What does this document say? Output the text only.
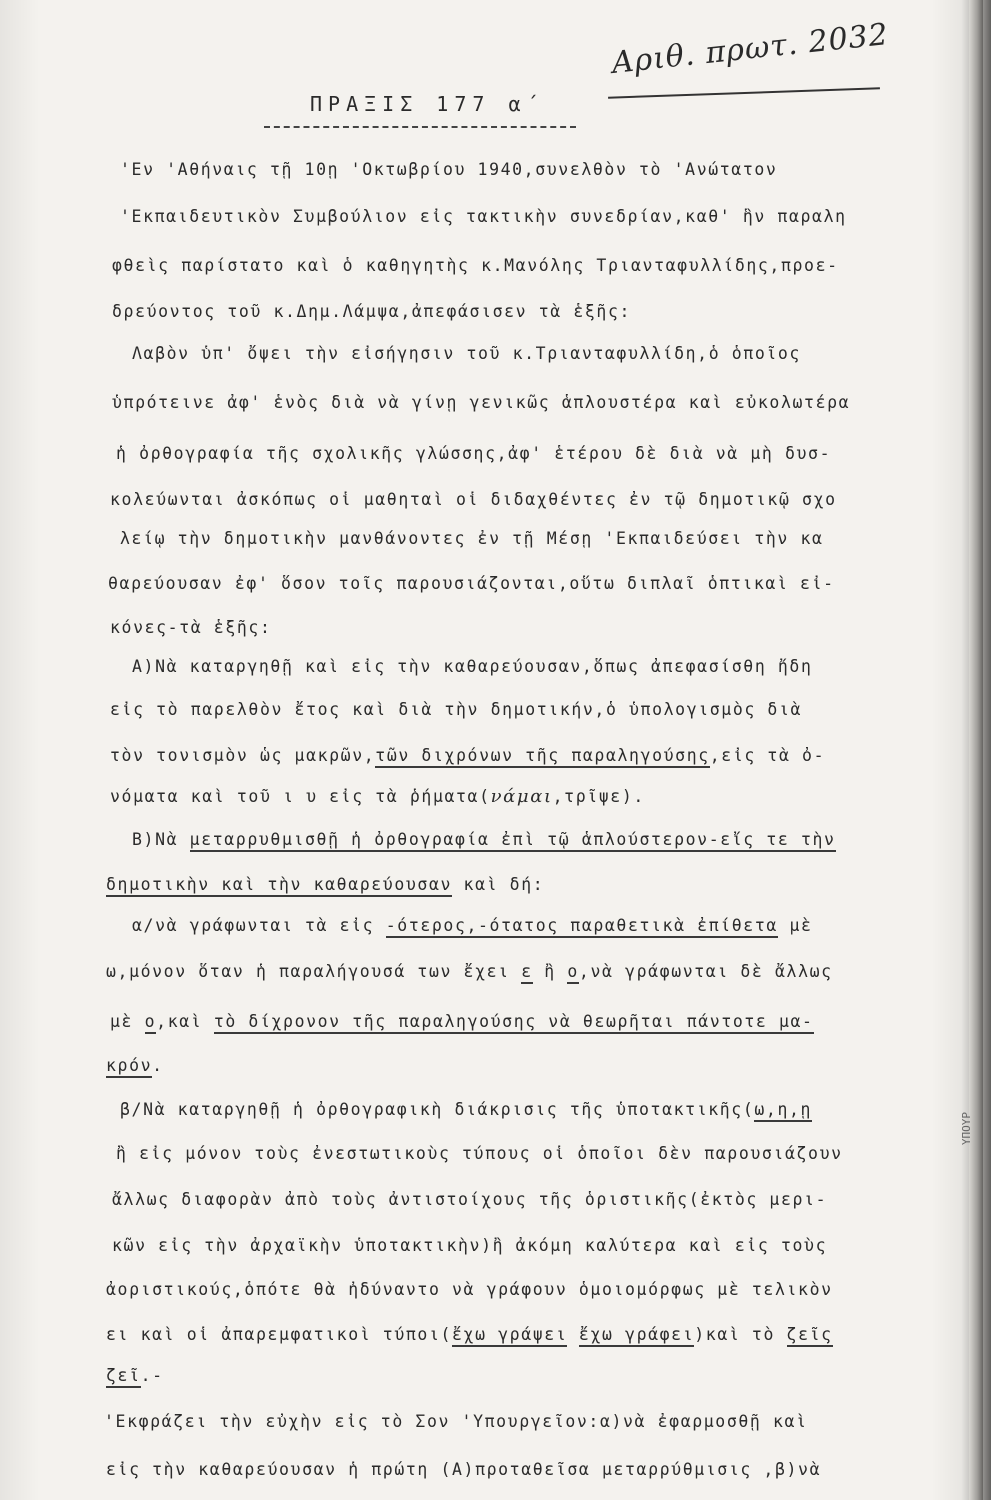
Αριθ. πρωτ. 2032
ΠΡΑΞΙΣ 177 α΄
'Εν 'Αθήναις τῇ 10ῃ 'Οκτωβρίου 1940,συνελθὸν τὸ 'Ανώτατον
'Εκπαιδευτικὸν Συμβούλιον εἰς τακτικὴν συνεδρίαν,καθ' ἣν παραλη
φθεὶς παρίστατο καὶ ὁ καθηγητὴς κ.Μανόλης Τριανταφυλλίδης,προε-
δρεύοντος τοῦ κ.Δημ.Λάμψα,ἀπεφάσισεν τὰ ἑξῆς:
Λαβὸν ὑπ' ὄψει τὴν εἰσήγησιν τοῦ κ.Τριανταφυλλίδη,ὁ ὁποῖος
ὑπρότεινε ἀφ' ἑνὸς διὰ νὰ γίνῃ γενικῶς ἁπλουστέρα καὶ εὐκολωτέρα
ἡ ὀρθογραφία τῆς σχολικῆς γλώσσης,ἀφ' ἑτέρου δὲ διὰ νὰ μὴ δυσ-
κολεύωνται ἀσκόπως οἱ μαθηταὶ οἱ διδαχθέντες ἐν τῷ δημοτικῷ σχο
λείῳ τὴν δημοτικὴν μανθάνοντες ἐν τῇ Μέσῃ 'Εκπαιδεύσει τὴν κα
θαρεύουσαν ἐφ' ὅσον τοῖς παρουσιάζονται,οὕτω διπλαῖ ὁπτικαὶ εἰ-
κόνες-τὰ ἑξῆς:
Α)Νὰ καταργηθῇ καὶ εἰς τὴν καθαρεύουσαν,ὅπως ἀπεφασίσθη ἤδη
εἰς τὸ παρελθὸν ἔτος καὶ διὰ τὴν δημοτικήν,ὁ ὑπολογισμὸς διὰ
τὸν τονισμὸν ὡς μακρῶν,τῶν διχρόνων τῆς παραληγούσης,εἰς τὰ ὀ-
νόματα καὶ τοῦ ι υ εἰς τὰ ῥήματα(νάμαι,τρῖψε).
Β)Νὰ μεταρρυθμισθῇ ἡ ὀρθογραφία ἐπὶ τῷ ἁπλούστερον-εἴς τε τὴν
δημοτικὴν καὶ τὴν καθαρεύουσαν καὶ δή:
α/νὰ γράφωνται τὰ εἰς -ότερος,-ότατος παραθετικὰ ἐπίθετα μὲ
ω,μόνον ὅταν ἡ παραλήγουσά των ἔχει ε ἢ ο,νὰ γράφωνται δὲ ἄλλως
μὲ ο,καὶ τὸ δίχρονον τῆς παραληγούσης νὰ θεωρῆται πάντοτε μα-
κρόν.
β/Νὰ καταργηθῇ ἡ ὀρθογραφικὴ διάκρισις τῆς ὑποτακτικῆς(ω,η,ῃ
ἢ εἰς μόνον τοὺς ἐνεστωτικοὺς τύπους οἱ ὁποῖοι δὲν παρουσιάζουν
ἄλλως διαφορὰν ἀπὸ τοὺς ἀντιστοίχους τῆς ὁριστικῆς(ἐκτὸς μερι-
κῶν εἰς τὴν ἀρχαϊκὴν ὑποτακτικὴν)ἢ ἀκόμη καλύτερα καὶ εἰς τοὺς
ἀοριστικούς,ὁπότε θὰ ἠδύναντο νὰ γράφουν ὁμοιομόρφως μὲ τελικὸν
ει καὶ οἱ ἀπαρεμφατικοὶ τύποι(ἔχω γράψει ἔχω γράφει)καὶ τὸ ζεῖς
ζεῖ.-
'Εκφράζει τὴν εὐχὴν εἰς τὸ Σον 'Υπουργεῖον:α)νὰ ἐφαρμοσθῇ καὶ
εἰς τὴν καθαρεύουσαν ἡ πρώτη (Α)προταθεῖσα μεταρρύθμισις ,β)νὰ
ΥΠΟΥΡ
